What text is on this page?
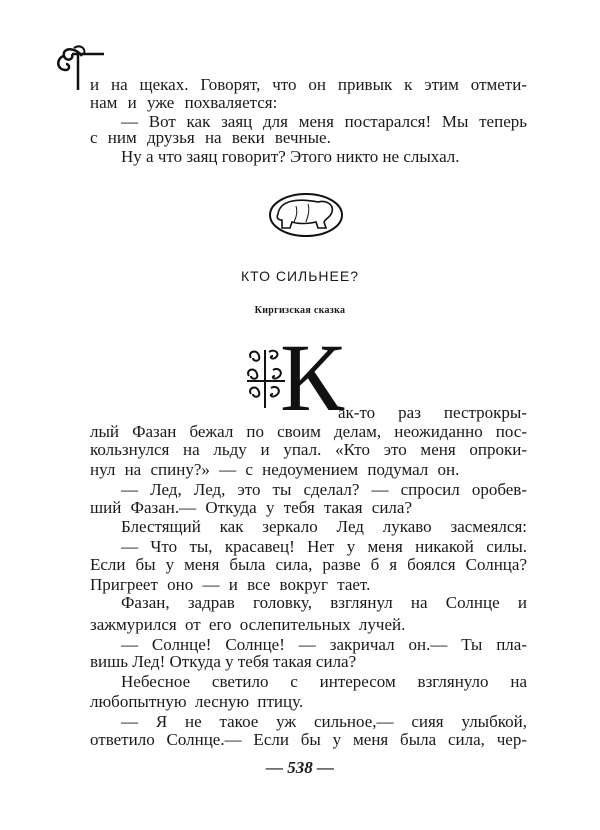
и на щеках. Говорят, что он привык к этим отмети-
нам и уже похваляется:
— Вот как заяц для меня постарался! Мы теперь
с ним друзья на веки вечные.
Ну а что заяц говорит? Этого никто не слыхал.
КТО СИЛЬНЕЕ?
Киргизская сказка
К
ак-то раз пестрокры-
лый Фазан бежал по своим делам, неожиданно пос-
кользнулся на льду и упал. «Кто это меня опроки-
нул на спину?» — с недоумением подумал он.
— Лед, Лед, это ты сделал? — спросил оробев-
ший Фазан.— Откуда у тебя такая сила?
Блестящий как зеркало Лед лукаво засмеялся:
— Что ты, красавец! Нет у меня никакой силы.
Если бы у меня была сила, разве б я боялся Солнца?
Пригреет оно — и все вокруг тает.
Фазан, задрав головку, взглянул на Солнце и
зажмурился от его ослепительных лучей.
— Солнце! Солнце! — закричал он.— Ты пла-
вишь Лед! Откуда у тебя такая сила?
Небесное светило с интересом взглянуло на
любопытную лесную птицу.
— Я не такое уж сильное,— сияя улыбкой,
ответило Солнце.— Если бы у меня была сила, чер-
— 538 —
